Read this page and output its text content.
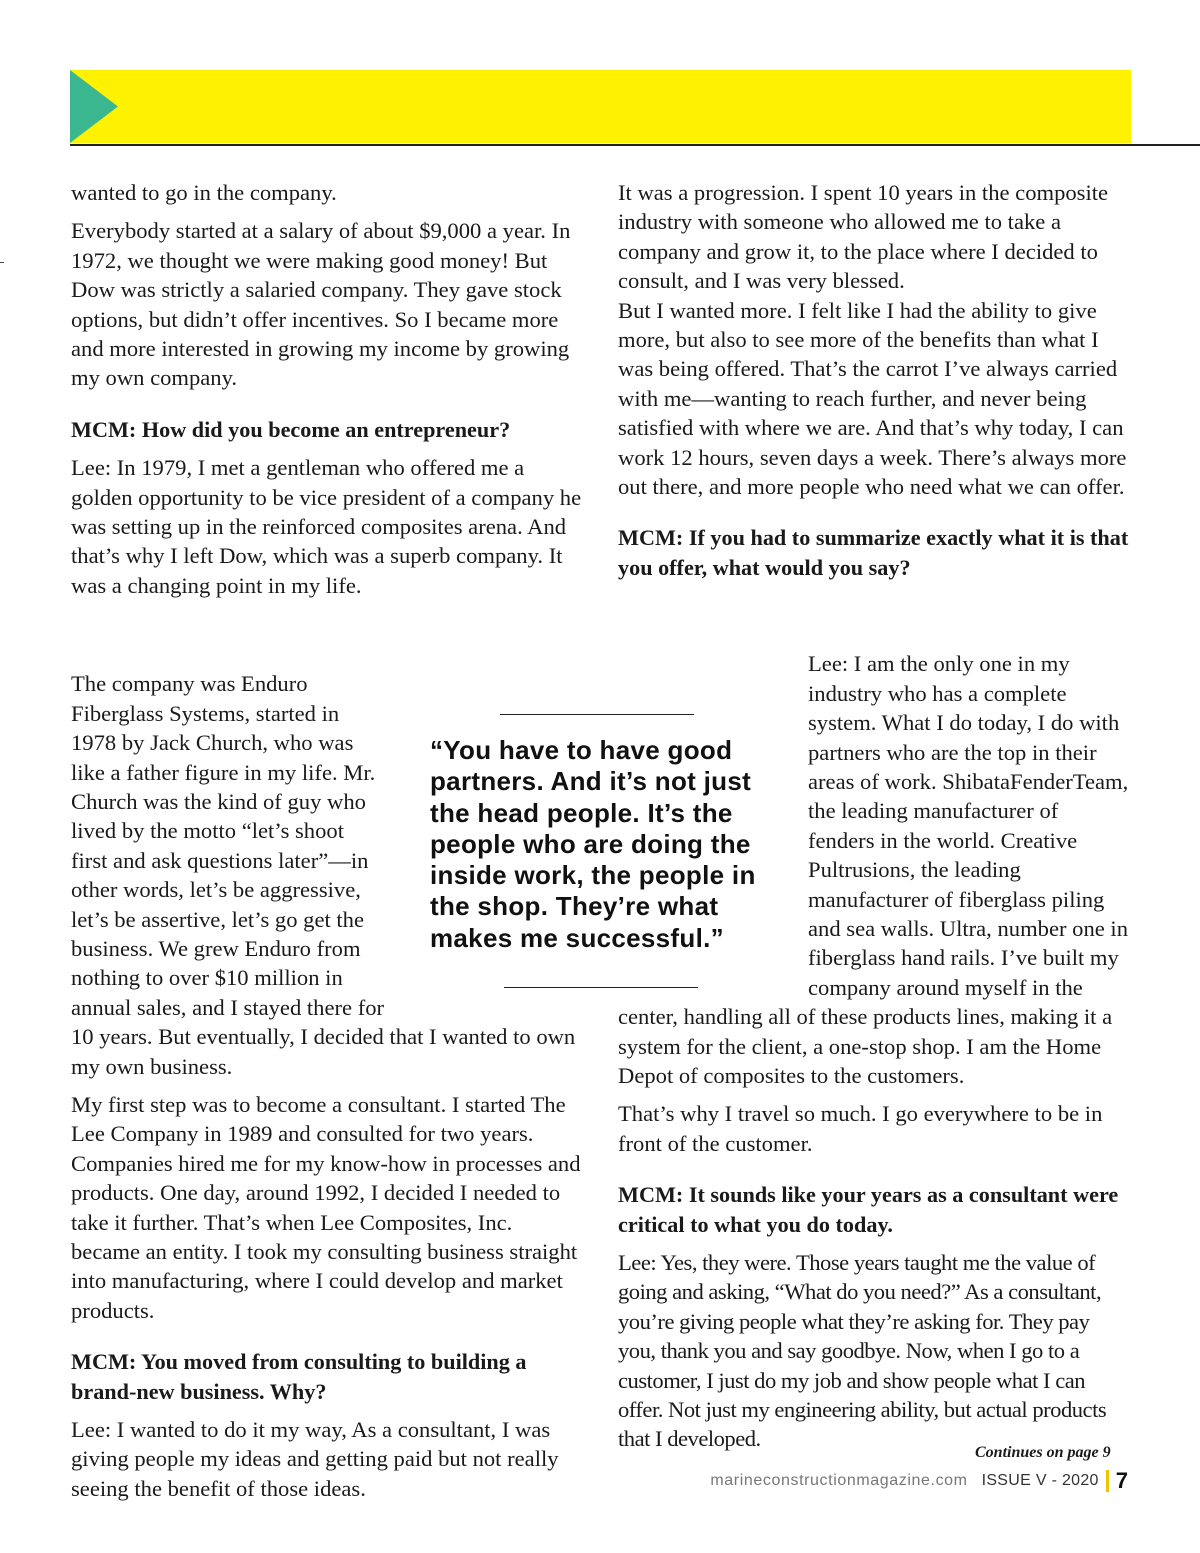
wanted to go in the company.

Everybody started at a salary of about $9,000 a year. In 1972, we thought we were making good money! But Dow was strictly a salaried company. They gave stock options, but didn’t offer incentives. So I became more and more interested in growing my income by growing my own company.

MCM: How did you become an entrepreneur?

Lee: In 1979, I met a gentleman who offered me a golden opportunity to be vice president of a company he was setting up in the reinforced composites arena. And that’s why I left Dow, which was a superb company. It was a changing point in my life.

The company was Enduro Fiberglass Systems, started in 1978 by Jack Church, who was like a father figure in my life. Mr. Church was the kind of guy who lived by the motto “let’s shoot first and ask questions later”—in other words, let’s be aggressive, let’s be assertive, let’s go get the business. We grew Enduro from nothing to over $10 million in annual sales, and I stayed there for 10 years. But eventually, I decided that I wanted to own my own business.

My first step was to become a consultant. I started The Lee Company in 1989 and consulted for two years. Companies hired me for my know-how in processes and products. One day, around 1992, I decided I needed to take it further. That’s when Lee Composites, Inc. became an entity. I took my consulting business straight into manufacturing, where I could develop and market products.

MCM: You moved from consulting to building a brand-new business. Why?

Lee: I wanted to do it my way, As a consultant, I was giving people my ideas and getting paid but not really seeing the benefit of those ideas.

It was a progression. I spent 10 years in the composite industry with someone who allowed me to take a company and grow it, to the place where I decided to consult, and I was very blessed.

But I wanted more. I felt like I had the ability to give more, but also to see more of the benefits than what I was being offered. That’s the carrot I’ve always carried with me—wanting to reach further, and never being satisfied with where we are. And that’s why today, I can work 12 hours, seven days a week. There’s always more out there, and more people who need what we can offer.

MCM: If you had to summarize exactly what it is that you offer, what would you say?

Lee: I am the only one in my industry who has a complete system. What I do today, I do with partners who are the top in their areas of work. ShibataFenderTeam, the leading manufacturer of fenders in the world. Creative Pultrusions, the leading manufacturer of fiberglass piling and sea walls. Ultra, number one in fiberglass hand rails. I’ve built my company around myself in the center, handling all of these products lines, making it a system for the client, a one-stop shop. I am the Home Depot of composites to the customers.

That’s why I travel so much. I go everywhere to be in front of the customer.

MCM: It sounds like your years as a consultant were critical to what you do today.

Lee: Yes, they were. Those years taught me the value of going and asking, “What do you need?” As a consultant, you’re giving people what they’re asking for. They pay you, thank you and say goodbye. Now, when I go to a customer, I just do my job and show people what I can offer. Not just my engineering ability, but actual products that I developed.

“You have to have good partners. And it’s not just the head people. It’s the people who are doing the inside work, the people in the shop. They’re what makes me successful.”
Continues on page 9
marineconstructionmagazine.com ISSUE V - 2020 7
